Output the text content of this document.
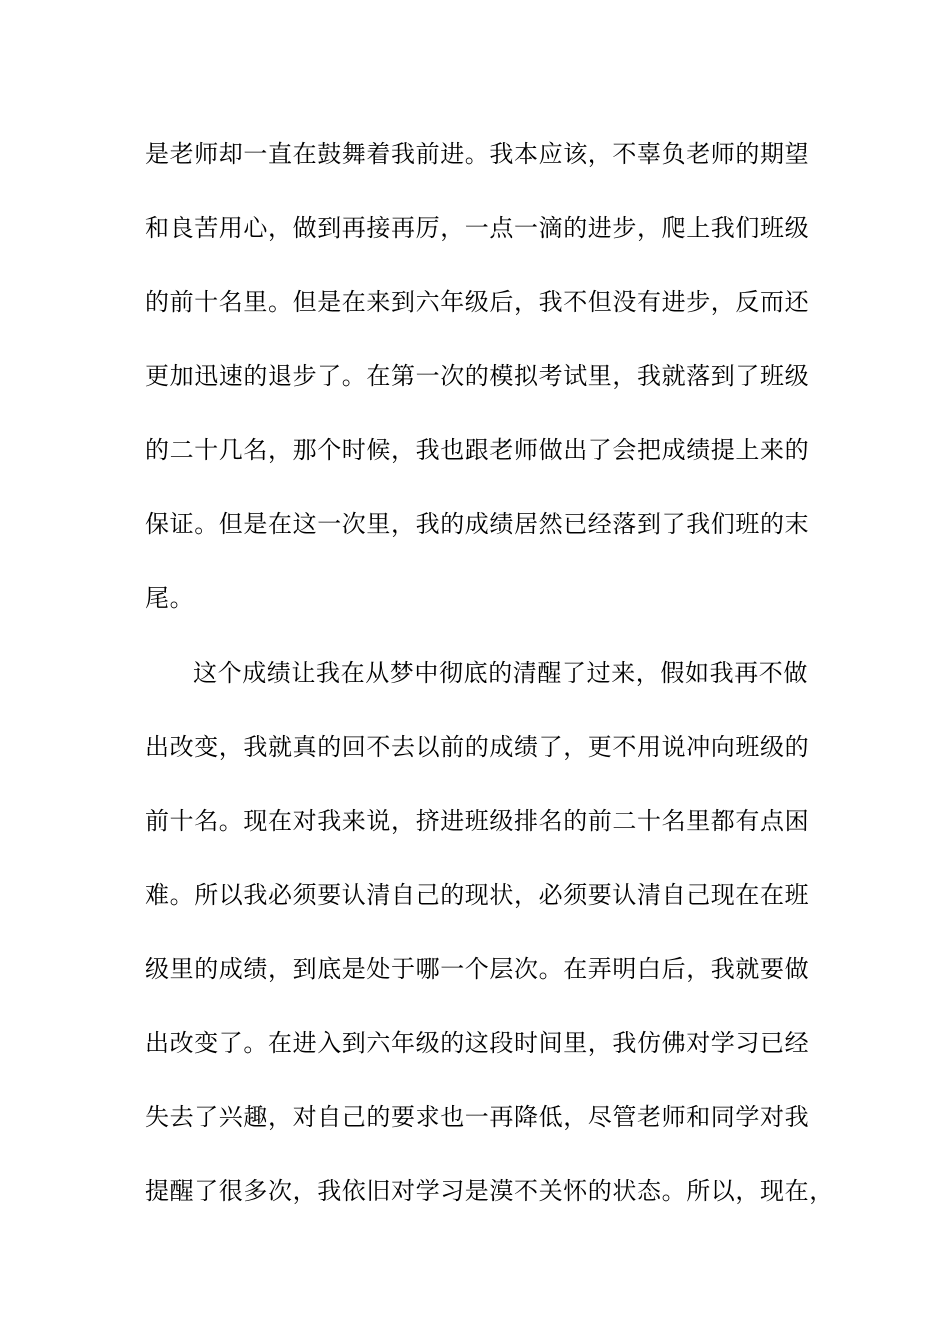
是老师却一直在鼓舞着我前进。我本应该，不辜负老师的期望
和良苦用心，做到再接再厉，一点一滴的进步，爬上我们班级
的前十名里。但是在来到六年级后，我不但没有进步，反而还
更加迅速的退步了。在第一次的模拟考试里，我就落到了班级
的二十几名，那个时候，我也跟老师做出了会把成绩提上来的
保证。但是在这一次里，我的成绩居然已经落到了我们班的末
尾。
这个成绩让我在从梦中彻底的清醒了过来，假如我再不做
出改变，我就真的回不去以前的成绩了，更不用说冲向班级的
前十名。现在对我来说，挤进班级排名的前二十名里都有点困
难。所以我必须要认清自己的现状，必须要认清自己现在在班
级里的成绩，到底是处于哪一个层次。在弄明白后，我就要做
出改变了。在进入到六年级的这段时间里，我仿佛对学习已经
失去了兴趣，对自己的要求也一再降低，尽管老师和同学对我
提醒了很多次，我依旧对学习是漠不关怀的状态。所以，现在，
